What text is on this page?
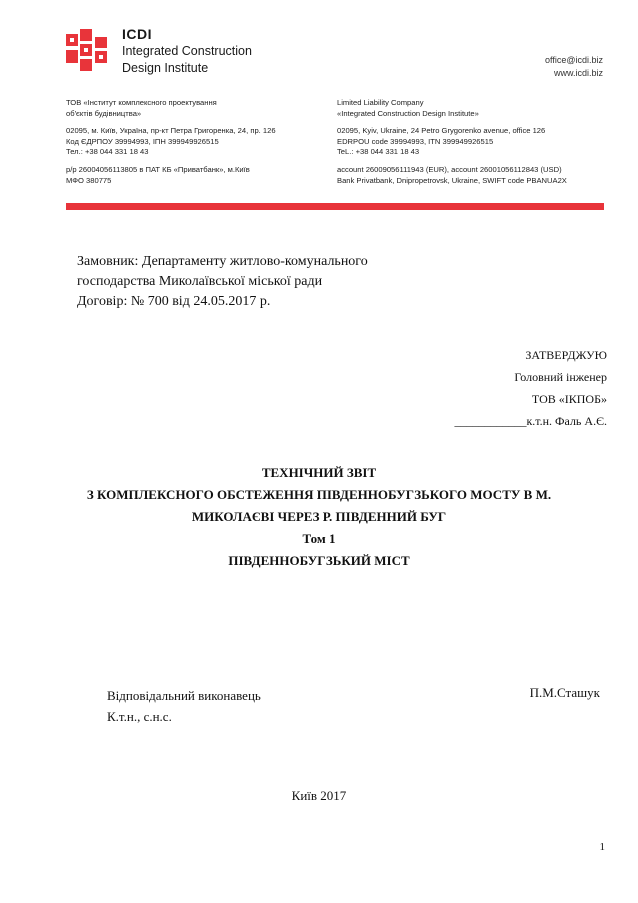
ICDI
Integrated Construction
Design Institute
office@icdi.biz
www.icdi.biz

ТОВ «Інститут комплексного проектування

об'єктів будівництва»

02095, м. Київ, Україна, пр-кт Петра Григоренка, 24, пр. 126

Код ЄДРПОУ 39994993, ІПН 399949926515

Тел.: +38 044 331 18 43

р/р 26004056113805 в ПАТ КБ «Приватбанк», м.Київ

МФО 380775

Limited Liability Company

«Integrated Construction Design Institute»

02095, Kyiv, Ukraine, 24 Petro Grygorenko avenue, office 126

EDRPOU code 39994993, ITN 399949926515

TeL.: +38 044 331 18 43

account 26009056111943 (EUR), account 26001056112843 (USD)

Bank Privatbank, Dnipropetrovsk, Ukraine, SWIFT code PBANUA2X

Замовник: Департаменту житлово-комунального
господарства Миколаївської міської ради
Договір: № 700 від 24.05.2017 р.
ЗАТВЕРДЖУЮ
Головний інженер
ТОВ «ІКПОБ»
____________к.т.н. Фаль А.Є.
ТЕХНІЧНИЙ ЗВІТ
З КОМПЛЕКСНОГО ОБСТЕЖЕННЯ ПІВДЕННОБУГЗЬКОГО МОСТУ В М.
МИКОЛАЄВІ ЧЕРЕЗ Р. ПІВДЕННИЙ БУГ
Том 1
ПІВДЕННОБУГЗЬКИЙ МІСТ
Відповідальний виконавець
К.т.н., с.н.с.
П.М.Сташук
Київ 2017
1
